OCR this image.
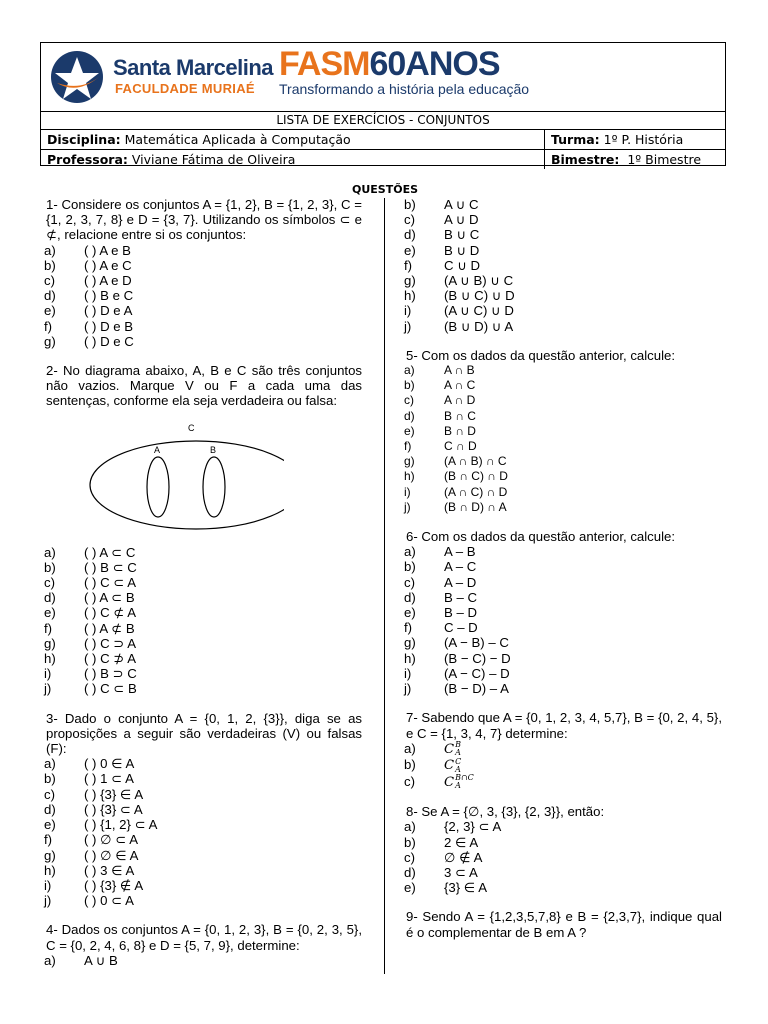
Santa Marcelina
FACULDADE MURIAÉ
FASM60ANOS
Transformando a história pela educação
LISTA DE EXERCÍCIOS - CONJUNTOS
Disciplina: Matemática Aplicada à Computação	Turma: 1º P. História
Professora: Viviane Fátima de Oliveira	Bimestre: 1º Bimestre
QUESTÕES
1- Considere os conjuntos A = {1, 2}, B = {1, 2, 3}, C = {1, 2, 3, 7, 8} e D = {3, 7}. Utilizando os símbolos ⊂ e ⊄, relacione entre si os conjuntos:
a)	( ) A e B
b)	( ) A e C
c)	( ) A e D
d)	( ) B e C
e)	( ) D e A
f)	( ) D e B
g)	( ) D e C
2- No diagrama abaixo, A, B e C são três conjuntos não vazios. Marque V ou F a cada uma das sentenças, conforme ela seja verdadeira ou falsa:
C
A	B
a)	( ) A ⊂ C
b)	( ) B ⊂ C
c)	( ) C ⊂ A
d)	( ) A ⊂ B
e)	( ) C ⊄ A
f)	( ) A ⊄ B
g)	( ) C ⊃ A
h)	( ) C ⊅ A
i)	( ) B ⊃ C
j)	( ) C ⊂ B
3- Dado o conjunto A = {0, 1, 2, {3}}, diga se as proposições a seguir são verdadeiras (V) ou falsas (F):
a)	( ) 0 ∈ A
b)	( ) 1 ⊂ A
c)	( ) {3} ∈ A
d)	( ) {3} ⊂ A
e)	( ) {1, 2} ⊂ A
f)	( ) ∅ ⊂ A
g)	( ) ∅ ∈ A
h)	( ) 3 ∈ A
i)	( ) {3} ∉ A
j)	( ) 0 ⊂ A
4- Dados os conjuntos A = {0, 1, 2, 3}, B = {0, 2, 3, 5}, C = {0, 2, 4, 6, 8} e D = {5, 7, 9}, determine:
a)	A ∪ B
b)	A ∪ C
c)	A ∪ D
d)	B ∪ C
e)	B ∪ D
f)	C ∪ D
g)	(A ∪ B) ∪ C
h)	(B ∪ C) ∪ D
i)	(A ∪ C) ∪ D
j)	(B ∪ D) ∪ A
5- Com os dados da questão anterior, calcule:
a)	A ∩ B
b)	A ∩ C
c)	A ∩ D
d)	B ∩ C
e)	B ∩ D
f)	C ∩ D
g)	(A ∩ B) ∩ C
h)	(B ∩ C) ∩ D
i)	(A ∩ C) ∩ D
j)	(B ∩ D) ∩ A
6- Com os dados da questão anterior, calcule:
a)	A – B
b)	A – C
c)	A – D
d)	B – C
e)	B – D
f)	C – D
g)	(A − B) – C
h)	(B − C) − D
i)	(A − C) – D
j)	(B − D) – A
7- Sabendo que A = {0, 1, 2, 3, 4, 5,7}, B = {0, 2, 4, 5}, e C = {1, 3, 4, 7} determine:
a)	C B
A
b)	C C
A
c)	C B∩C
A
8- Se A = {∅, 3, {3}, {2, 3}}, então:
a)	{2, 3} ⊂ A
b)	2 ∈ A
c)	∅ ∉ A
d)	3 ⊂ A
e)	{3} ∈ A
9- Sendo A = {1,2,3,5,7,8} e B = {2,3,7}, indique qual é o complementar de B em A ?
